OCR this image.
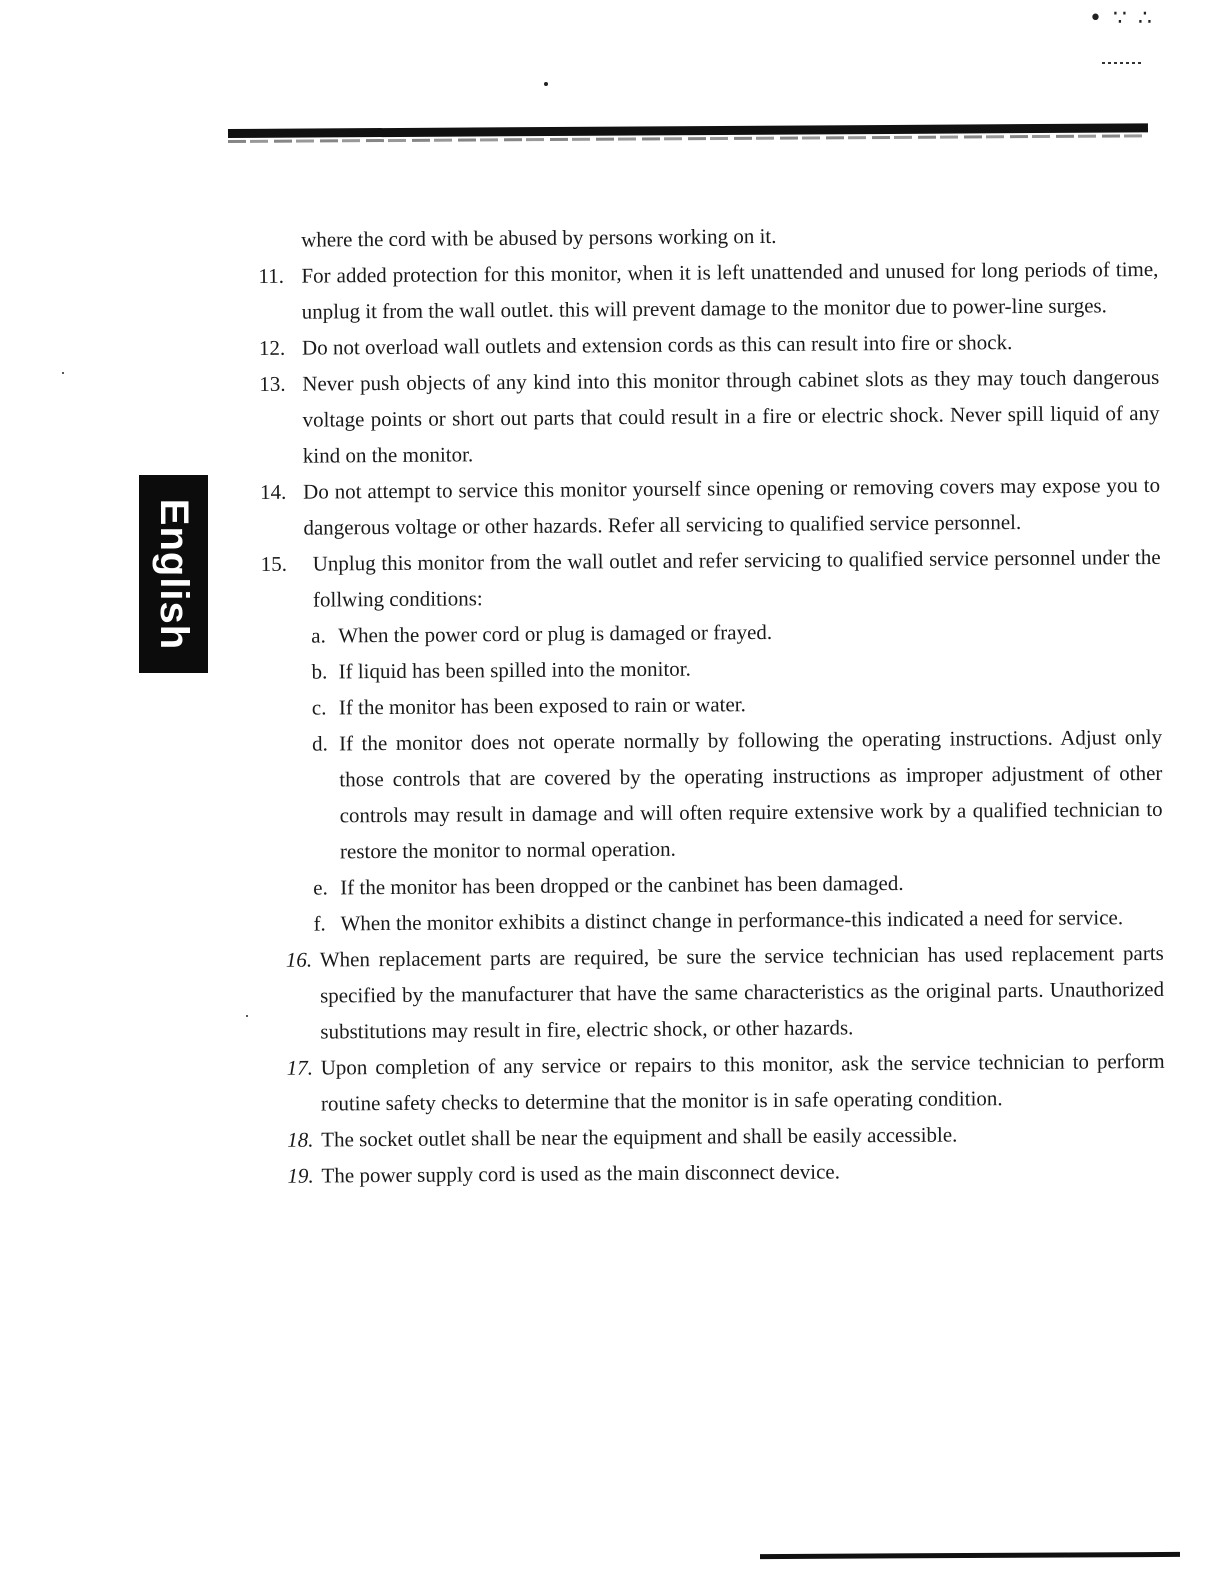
• ∵ ∴
English
where the cord with be abused by persons working on it.
11. For added protection for this monitor, when it is left unattended and unused for long periods of time, unplug it from the wall outlet. this will prevent damage to the monitor due to power-line surges.
12. Do not overload wall outlets and extension cords as this can result into fire or shock.
13. Never push objects of any kind into this monitor through cabinet slots as they may touch dangerous voltage points or short out parts that could result in a fire or electric shock. Never spill liquid of any kind on the monitor.
14. Do not attempt to service this monitor yourself since opening or removing covers may expose you to dangerous voltage or other hazards. Refer all servicing to qualified service personnel.
15.	Unplug this monitor from the wall outlet and refer servicing to qualified service personnel under the follwing conditions:
a. When the power cord or plug is damaged or frayed.
b. If liquid has been spilled into the monitor.
c. If the monitor has been exposed to rain or water.
d. If the monitor does not operate normally by following the operating instructions. Adjust only those controls that are covered by the operating instructions as improper adjustment of other controls may result in damage and will often require extensive work by a qualified technician to restore the monitor to normal operation.
e. If the monitor has been dropped or the canbinet has been damaged.
f. When the monitor exhibits a distinct change in performance-this indicated a need for service.
16. When replacement parts are required, be sure the service technician has used replacement parts specified by the manufacturer that have the same characteristics as the original parts. Unauthorized substitutions may result in fire, electric shock, or other hazards.
17. Upon completion of any service or repairs to this monitor, ask the service technician to perform routine safety checks to determine that the monitor is in safe operating condition.
18. The socket outlet shall be near the equipment and shall be easily accessible.
19. The power supply cord is used as the main disconnect device.
